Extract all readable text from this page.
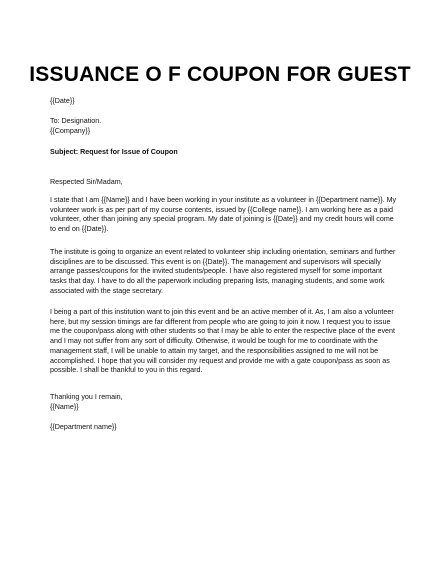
ISSUANCE O F COUPON FOR GUEST

{{Date}}

To: Designation.

{{Company}}

Subject: Request for Issue of Coupon

Respected Sir/Madam,

I state that I am {{Name}} and I have been working in your institute as a volunteer in {{Department name}}. My volunteer work is as per part of my course contents, issued by {{College name}}. I am working here as a paid volunteer, other than joining any special program. My date of joining is {{Date}} and my credit hours will come to end on {{Date}}.

The institute is going to organize an event related to volunteer ship including orientation, seminars and further disciplines are to be discussed. This event is on {{Date}}. The management and supervisors will specially arrange passes/coupons for the invited students/people. I have also registered myself for some important tasks that day. I have to do all the paperwork including preparing lists, managing students, and some work associated with the stage secretary.

I being a part of this institution want to join this event and be an active member of it. As, I am also a volunteer here, but my session timings are far different from people who are going to join it now. I request you to issue me the coupon/pass along with other students so that I may be able to enter the respective place of the event and I may not suffer from any sort of difficulty. Otherwise, it would be tough for me to coordinate with the management staff, I will be unable to attain my target, and the responsibilities assigned to me will not be accomplished. I hope that you will consider my request and provide me with a gate coupon/pass as soon as possible. I shall be thankful to you in this regard.

Thanking you I remain,

{{Name}}

{{Department name}}
